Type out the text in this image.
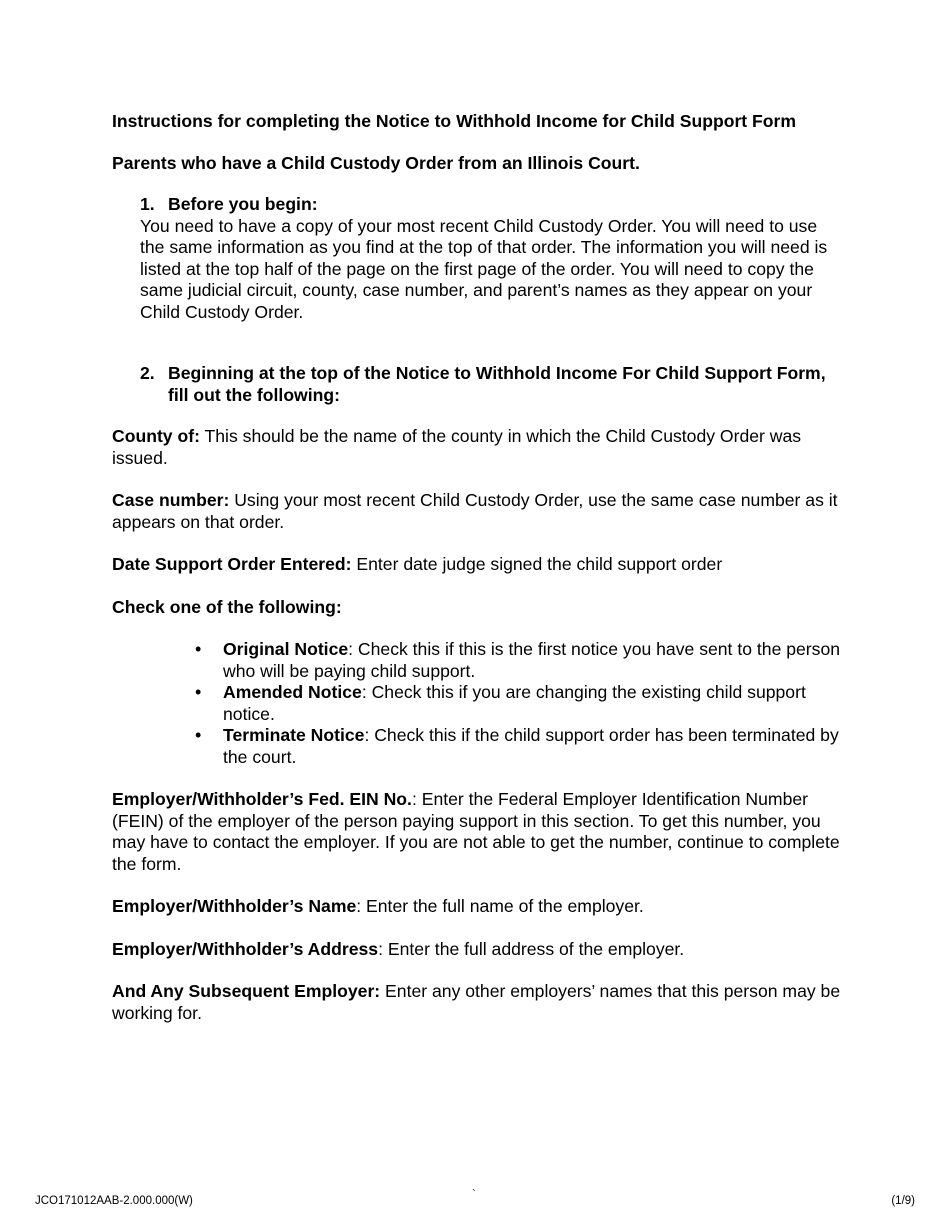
Instructions for completing the Notice to Withhold Income for Child Support Form

Parents who have a Child Custody Order from an Illinois Court.

1. Before you begin:

You need to have a copy of your most recent Child Custody Order. You will need to use the same information as you find at the top of that order. The information you will need is listed at the top half of the page on the first page of the order. You will need to copy the same judicial circuit, county, case number, and parent’s names as they appear on your Child Custody Order.

2. Beginning at the top of the Notice to Withhold Income For Child Support Form, fill out the following:

County of: This should be the name of the county in which the Child Custody Order was issued.

Case number: Using your most recent Child Custody Order, use the same case number as it appears on that order.

Date Support Order Entered: Enter date judge signed the child support order

Check one of the following:

• Original Notice: Check this if this is the first notice you have sent to the person who will be paying child support.
• Amended Notice: Check this if you are changing the existing child support notice.
• Terminate Notice: Check this if the child support order has been terminated by the court.

Employer/Withholder’s Fed. EIN No.: Enter the Federal Employer Identification Number (FEIN) of the employer of the person paying support in this section. To get this number, you may have to contact the employer. If you are not able to get the number, continue to complete the form.

Employer/Withholder’s Name: Enter the full name of the employer.

Employer/Withholder’s Address: Enter the full address of the employer.

And Any Subsequent Employer: Enter any other employers’ names that this person may be working for.

JCO171012AAB-2.000.000(W)	`	(1/9)
